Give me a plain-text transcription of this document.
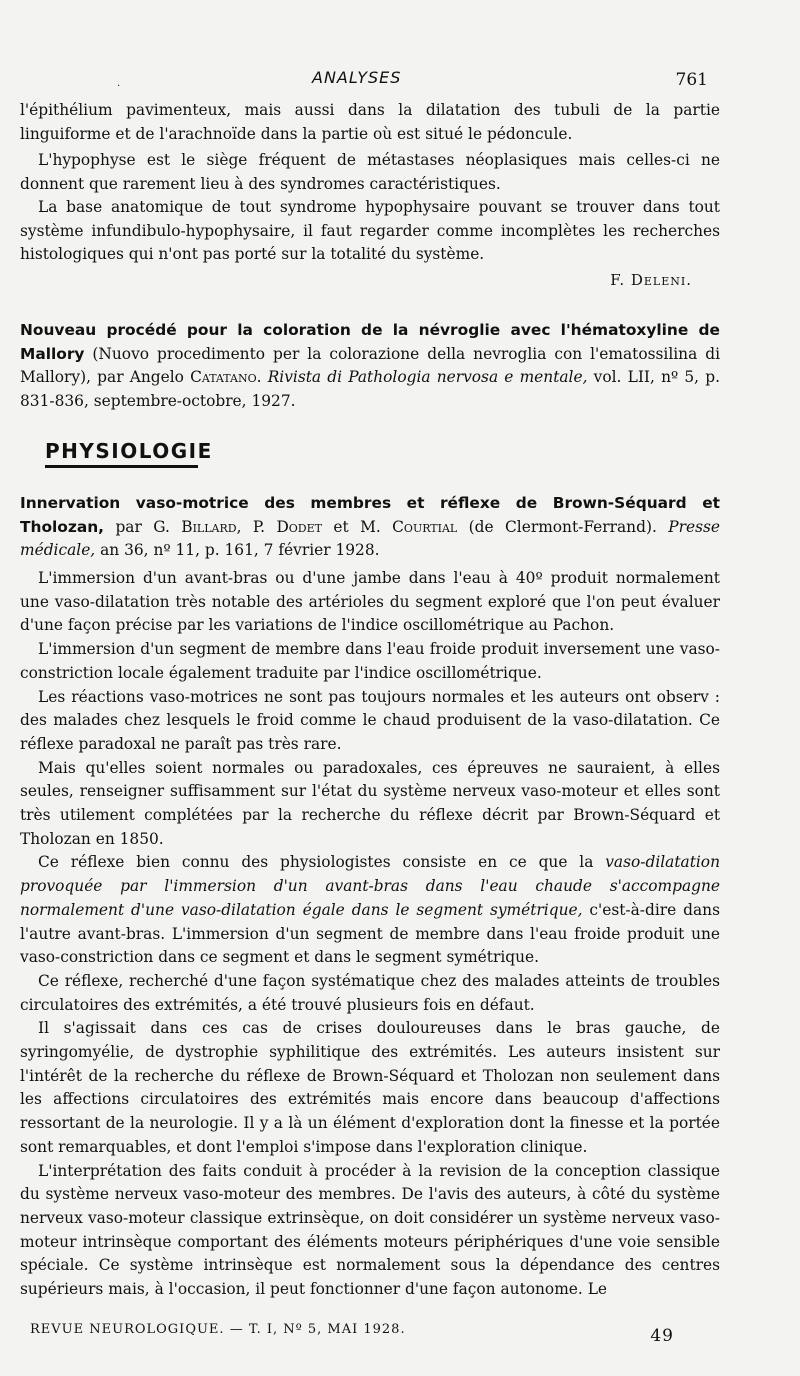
.	ANALYSES	761

l'épithélium pavimenteux, mais aussi dans la dilatation des tubuli de la partie linguiforme et de l'arachnoïde dans la partie où est situé le pédoncule.

L'hypophyse est le siège fréquent de métastases néoplasiques mais celles-ci ne donnent que rarement lieu à des syndromes caractéristiques.

La base anatomique de tout syndrome hypophysaire pouvant se trouver dans tout système infundibulo-hypophysaire, il faut regarder comme incomplètes les recherches histologiques qui n'ont pas porté sur la totalité du système.

F. Deleni.

Nouveau procédé pour la coloration de la névroglie avec l'hématoxyline de Mallory (Nuovo procedimento per la colorazione della nevroglia con l'ematossilina di Mallory), par Angelo Catatano. Rivista di Pathologia nervosa e mentale, vol. LII, nº 5, p. 831-836, septembre-octobre, 1927.

PHYSIOLOGIE

Innervation vaso-motrice des membres et réflexe de Brown-Séquard et Tholozan, par G. Billard, P. Dodet et M. Courtial (de Clermont-Ferrand). Presse médicale, an 36, nº 11, p. 161, 7 février 1928.

L'immersion d'un avant-bras ou d'une jambe dans l'eau à 40º produit normalement une vaso-dilatation très notable des artérioles du segment exploré que l'on peut évaluer d'une façon précise par les variations de l'indice oscillométrique au Pachon.

L'immersion d'un segment de membre dans l'eau froide produit inversement une vaso-constriction locale également traduite par l'indice oscillométrique.

Les réactions vaso-motrices ne sont pas toujours normales et les auteurs ont observ : des malades chez lesquels le froid comme le chaud produisent de la vaso-dilatation. Ce réflexe paradoxal ne paraît pas très rare.

Mais qu'elles soient normales ou paradoxales, ces épreuves ne sauraient, à elles seules, renseigner suffisamment sur l'état du système nerveux vaso-moteur et elles sont très utilement complétées par la recherche du réflexe décrit par Brown-Séquard et Tholozan en 1850.

Ce réflexe bien connu des physiologistes consiste en ce que la vaso-dilatation provoquée par l'immersion d'un avant-bras dans l'eau chaude s'accompagne normalement d'une vaso-dilatation égale dans le segment symétrique, c'est-à-dire dans l'autre avant-bras. L'immersion d'un segment de membre dans l'eau froide produit une vaso-constriction dans ce segment et dans le segment symétrique.

Ce réflexe, recherché d'une façon systématique chez des malades atteints de troubles circulatoires des extrémités, a été trouvé plusieurs fois en défaut.

Il s'agissait dans ces cas de crises douloureuses dans le bras gauche, de syringomyélie, de dystrophie syphilitique des extrémités. Les auteurs insistent sur l'intérêt de la recherche du réflexe de Brown-Séquard et Tholozan non seulement dans les affections circulatoires des extrémités mais encore dans beaucoup d'affections ressortant de la neurologie. Il y a là un élément d'exploration dont la finesse et la portée sont remarquables, et dont l'emploi s'impose dans l'exploration clinique.

L'interprétation des faits conduit à procéder à la revision de la conception classique du système nerveux vaso-moteur des membres. De l'avis des auteurs, à côté du système nerveux vaso-moteur classique extrinsèque, on doit considérer un système nerveux vaso-moteur intrinsèque comportant des éléments moteurs périphériques d'une voie sensible spéciale. Ce système intrinsèque est normalement sous la dépendance des centres supérieurs mais, à l'occasion, il peut fonctionner d'une façon autonome. Le

REVUE NEUROLOGIQUE. — T. I, Nº 5, MAI 1928.	49
